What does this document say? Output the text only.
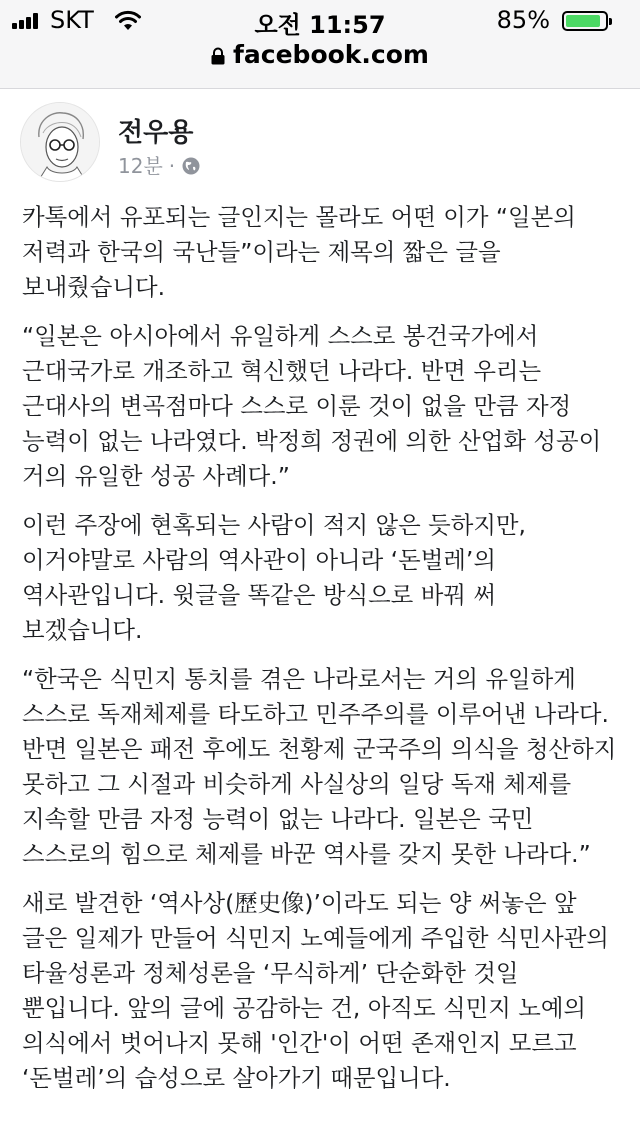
SKT	오전 11:57	85%
facebook.com
전우용
12분 ·

카톡에서 유포되는 글인지는 몰라도 어떤 이가 “일본의 저력과 한국의 국난들”이라는 제목의 짧은 글을 보내줬습니다.

“일본은 아시아에서 유일하게 스스로 봉건국가에서 근대국가로 개조하고 혁신했던 나라다. 반면 우리는 근대사의 변곡점마다 스스로 이룬 것이 없을 만큼 자정 능력이 없는 나라였다. 박정희 정권에 의한 산업화 성공이 거의 유일한 성공 사례다.”

이런 주장에 현혹되는 사람이 적지 않은 듯하지만, 이거야말로 사람의 역사관이 아니라 ‘돈벌레’의 역사관입니다. 윗글을 똑같은 방식으로 바꿔 써 보겠습니다.

“한국은 식민지 통치를 겪은 나라로서는 거의 유일하게 스스로 독재체제를 타도하고 민주주의를 이루어낸 나라다. 반면 일본은 패전 후에도 천황제 군국주의 의식을 청산하지 못하고 그 시절과 비슷하게 사실상의 일당 독재 체제를 지속할 만큼 자정 능력이 없는 나라다. 일본은 국민 스스로의 힘으로 체제를 바꾼 역사를 갖지 못한 나라다.”

새로 발견한 ‘역사상(歷史像)’이라도 되는 양 써놓은 앞 글은 일제가 만들어 식민지 노예들에게 주입한 식민사관의 타율성론과 정체성론을 ‘무식하게’ 단순화한 것일 뿐입니다. 앞의 글에 공감하는 건, 아직도 식민지 노예의 의식에서 벗어나지 못해 '인간'이 어떤 존재인지 모르고 ‘돈벌레’의 습성으로 살아가기 때문입니다.
